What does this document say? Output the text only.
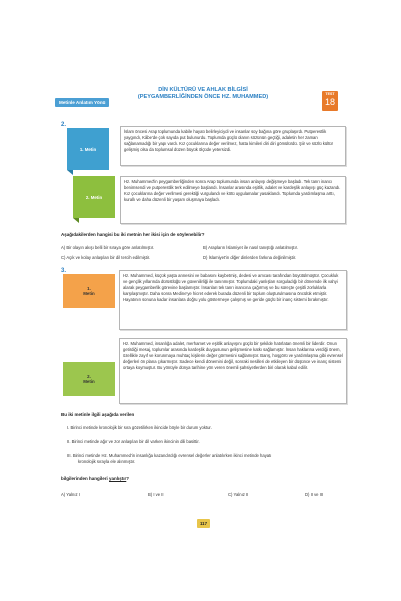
Metinle Anlatım Yönü
DİN KÜLTÜRÜ VE AHLAK BİLGİSİ
(PEYGAMBERLİĞİNDEN ÖNCE HZ. MUHAMMED)	TEST
18
2.
1. Metin
İslam öncesi Arap toplumunda kabile hayatı belirleyiciydi ve insanlar soy bağına göre gruplaşırdı. Putperestlik yaygındı, Kâbe'de çok sayıda put bulunurdu. Toplumda güçlü olanın sözünün geçtiği, adaletin her zaman sağlanamadığı bir yapı vardı. Kız çocuklarına değer verilmez, hatta kimileri diri diri gömülürdü. Şiir ve sözlü kültür gelişmiş olsa da toplumsal düzen büyük ölçüde yetersizdi.
2. Metin
Hz. Muhammed'in peygamberliğinden sonra Arap toplumunda insan anlayışı değişmeye başladı. Tek tanrı inancı benimsendi ve putperestlik terk edilmeye başlandı. İnsanlar arasında eşitlik, adalet ve kardeşlik anlayışı güç kazandı. Kız çocuklarına değer verilmesi gerektiği vurgulandı ve kötü uygulamalar yasaklandı. Toplumda yardımlaşma arttı, kurallı ve daha düzenli bir yaşam oluşmaya başladı.
Aşağıdakilerden hangisi bu iki metnin her ikisi için de söylenebilir?
A) Bir olayın akışı belli bir sıraya göre anlatılmıştır.	B) Arapların İslamiyet ile nasıl tanıştığı anlatılmıştır.
C) Açık ve kolay anlaşılan bir dil tercih edilmiştir.	D) İslamiyet'in diğer dinlerden farkına değinilmiştir.
3.
1.
Metin
Hz. Muhammed, küçük yaşta annesini ve babasını kaybetmiş, dedesi ve amcası tarafından büyütülmüştür. Çocukluk ve gençlik yıllarında dürüstlüğü ve güvenilirliği ile tanınmıştır. Toplumdaki yanlışları sorguladığı bir dönemde ilk vahyi alarak peygamberlik görevine başlamıştır. İnsanları tek tanrı inancına çağırmış ve bu süreçte çeşitli zorluklarla karşılaşmıştır. Daha sonra Medine'ye hicret ederek burada düzenli bir toplum oluşturulmasına öncülük etmiştir. Hayatının sonuna kadar insanlara doğru yolu göstermeye çalışmış ve geride güçlü bir inanç sistemi bırakmıştır.
2.
Metin
Hz. Muhammed, insanlığa adalet, merhamet ve eşitlik anlayışını güçlü bir şekilde hatırlatan önemli bir liderdir. Onun getirdiği mesaj, toplumlar arasında kardeşlik duygusunun gelişmesine katkı sağlamıştır. İnsan haklarına verdiği önem, özellikle zayıf ve korunmaya muhtaç kişilerin değer görmesini sağlamıştır. Barış, hoşgörü ve yardımlaşma gibi evrensel değerleri ön plana çıkarmıştır. Sadece kendi dönemini değil, sonraki nesilleri de etkileyen bir düşünce ve inanç sistemi ortaya koymuştur. Bu yönüyle dünya tarihine yön veren önemli şahsiyetlerden biri olarak kabul edilir.
Bu iki metinle ilgili aşağıda verilen
I. Birinci metinde kronolojik bir sıra gözetilirken ikincide böyle bir durum yoktur.
II. Birinci metinde ağır ve zor anlaşılan bir dil varken ikincinin dili basittir.
III. Birinci metinde Hz. Muhammed'in insanlığa kazandırdığı evrensel değerler anlatılırken ikinci metinde hayatı
kronolojik sırayla ele alınmıştır.
bilgilerinden hangileri yanlıştır?
A) Yalnız I	B) I ve II	C) Yalnız II	D) II ve III
117
